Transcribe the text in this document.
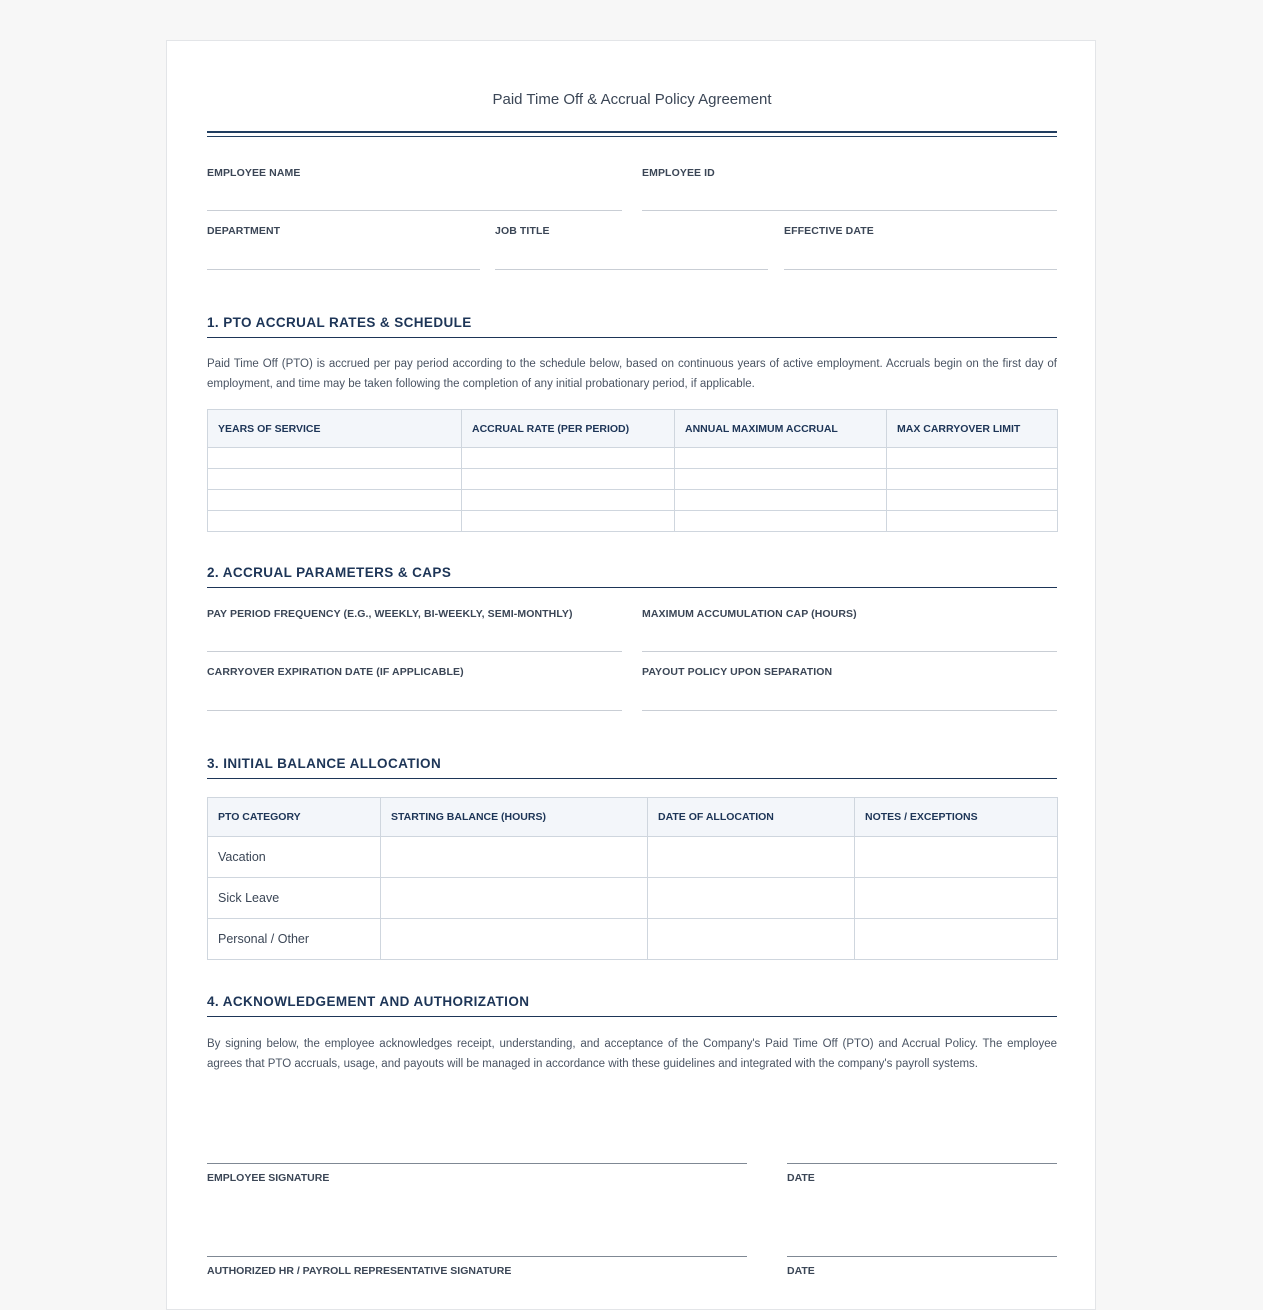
Paid Time Off & Accrual Policy Agreement
EMPLOYEE NAME	EMPLOYEE ID
DEPARTMENT	JOB TITLE	EFFECTIVE DATE
1. PTO ACCRUAL RATES & SCHEDULE
Paid Time Off (PTO) is accrued per pay period according to the schedule below, based on continuous years of active employment. Accruals begin on the first day of employment, and time may be taken following the completion of any initial probationary period, if applicable.
YEARS OF SERVICE	ACCRUAL RATE (PER PERIOD)	ANNUAL MAXIMUM ACCRUAL	MAX CARRYOVER LIMIT

2. ACCRUAL PARAMETERS & CAPS
PAY PERIOD FREQUENCY (E.G., WEEKLY, BI-WEEKLY, SEMI-MONTHLY)	MAXIMUM ACCUMULATION CAP (HOURS)
CARRYOVER EXPIRATION DATE (IF APPLICABLE)	PAYOUT POLICY UPON SEPARATION
3. INITIAL BALANCE ALLOCATION
PTO CATEGORY	STARTING BALANCE (HOURS)	DATE OF ALLOCATION	NOTES / EXCEPTIONS
Vacation			
Sick Leave			
Personal / Other			
4. ACKNOWLEDGEMENT AND AUTHORIZATION
By signing below, the employee acknowledges receipt, understanding, and acceptance of the Company's Paid Time Off (PTO) and Accrual Policy. The employee agrees that PTO accruals, usage, and payouts will be managed in accordance with these guidelines and integrated with the company's payroll systems.
EMPLOYEE SIGNATURE	DATE
AUTHORIZED HR / PAYROLL REPRESENTATIVE SIGNATURE	DATE
